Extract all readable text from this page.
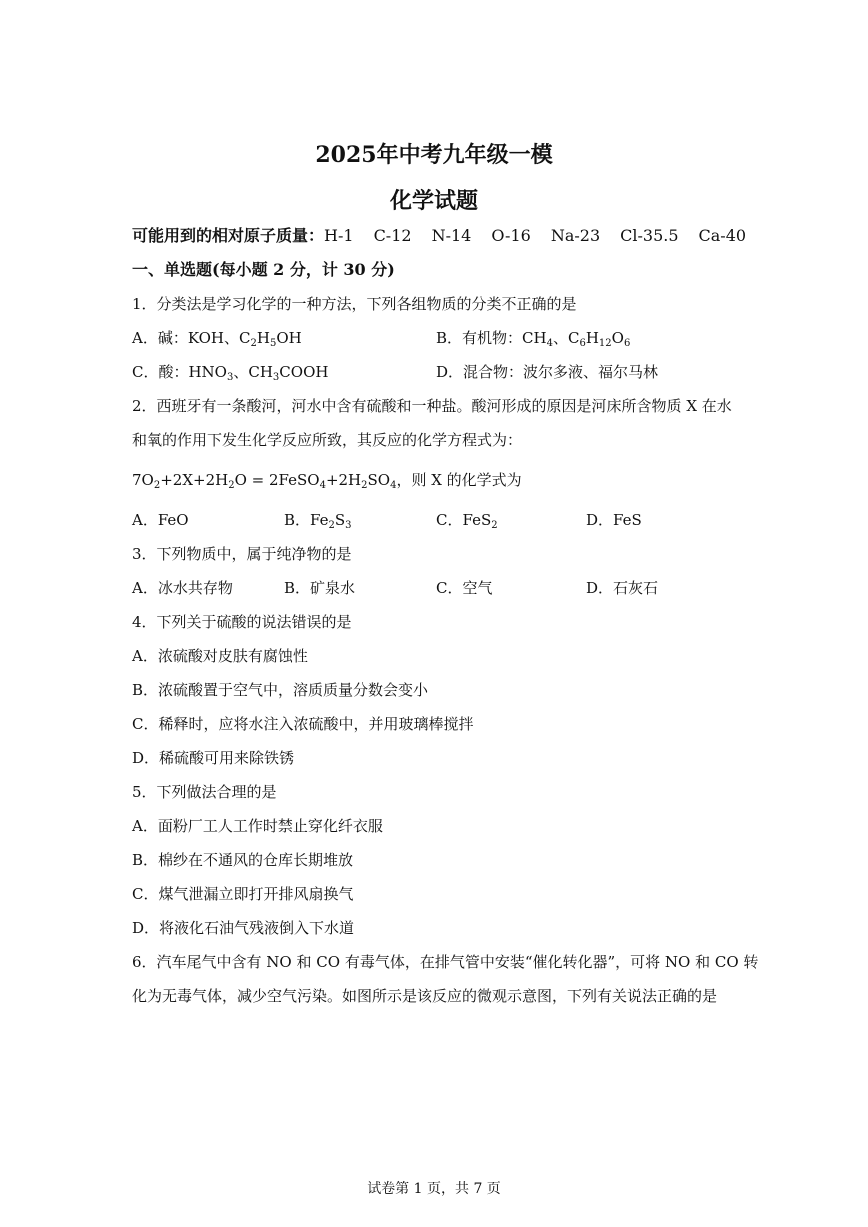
2025年中考九年级一模
化学试题
可能用到的相对原子质量：H-1 C-12 N-14 O-16 Na-23 Cl-35.5 Ca-40
一、单选题(每小题 2 分，计 30 分)
1．分类法是学习化学的一种方法，下列各组物质的分类不正确的是
A．碱：KOH、$C_2H_5OH$	B．有机物：$CH_4$、$C_6H_{12}O_6$
C．酸：$HNO_3$、$CH_3COOH$	D．混合物：波尔多液、福尔马林
2．西班牙有一条酸河，河水中含有硫酸和一种盐。酸河形成的原因是河床所含物质 X 在水
和氧的作用下发生化学反应所致，其反应的化学方程式为：
$7O_2+2X+2H_2O$ = $2FeSO_4+2H_2SO_4$，则 X 的化学式为
A．FeO	B．$Fe_2S_3$	C．FeS$_2$	D．FeS
3．下列物质中，属于纯净物的是
A．冰水共存物	B．矿泉水	C．空气	D．石灰石
4．下列关于硫酸的说法错误的是
A．浓硫酸对皮肤有腐蚀性
B．浓硫酸置于空气中，溶质质量分数会变小
C．稀释时，应将水注入浓硫酸中，并用玻璃棒搅拌
D．稀硫酸可用来除铁锈
5．下列做法合理的是
A．面粉厂工人工作时禁止穿化纤衣服
B．棉纱在不通风的仓库长期堆放
C．煤气泄漏立即打开排风扇换气
D．将液化石油气残液倒入下水道
6．汽车尾气中含有 NO 和 CO 有毒气体，在排气管中安装“催化转化器”，可将 NO 和 CO 转
化为无毒气体，减少空气污染。如图所示是该反应的微观示意图，下列有关说法正确的是
试卷第 1 页，共 7 页
